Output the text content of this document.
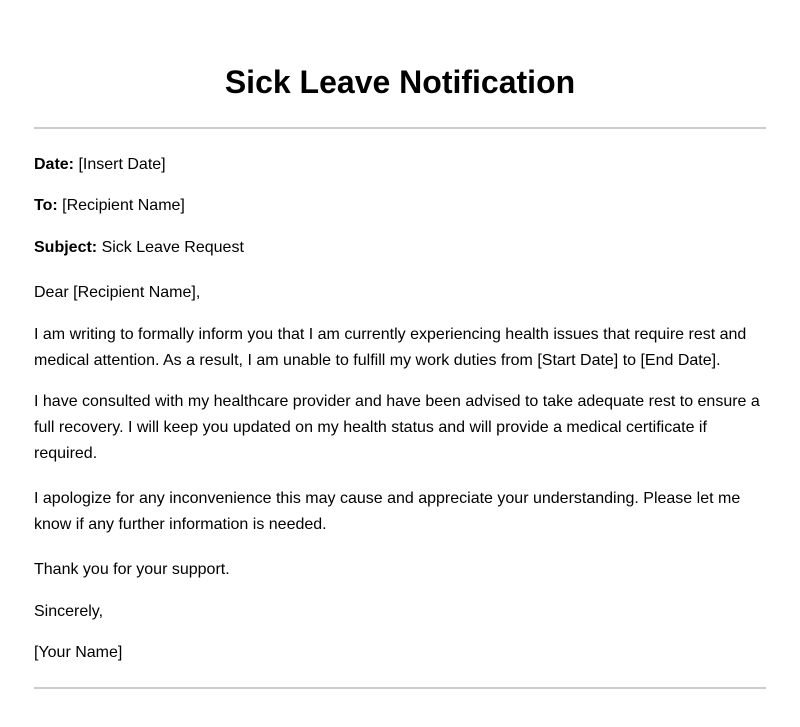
Sick Leave Notification

Date: [Insert Date]

To: [Recipient Name]

Subject: Sick Leave Request

Dear [Recipient Name],

I am writing to formally inform you that I am currently experiencing health issues that require rest and medical attention. As a result, I am unable to fulfill my work duties from [Start Date] to [End Date].

I have consulted with my healthcare provider and have been advised to take adequate rest to ensure a full recovery. I will keep you updated on my health status and will provide a medical certificate if required.

I apologize for any inconvenience this may cause and appreciate your understanding. Please let me know if any further information is needed.

Thank you for your support.

Sincerely,

[Your Name]
